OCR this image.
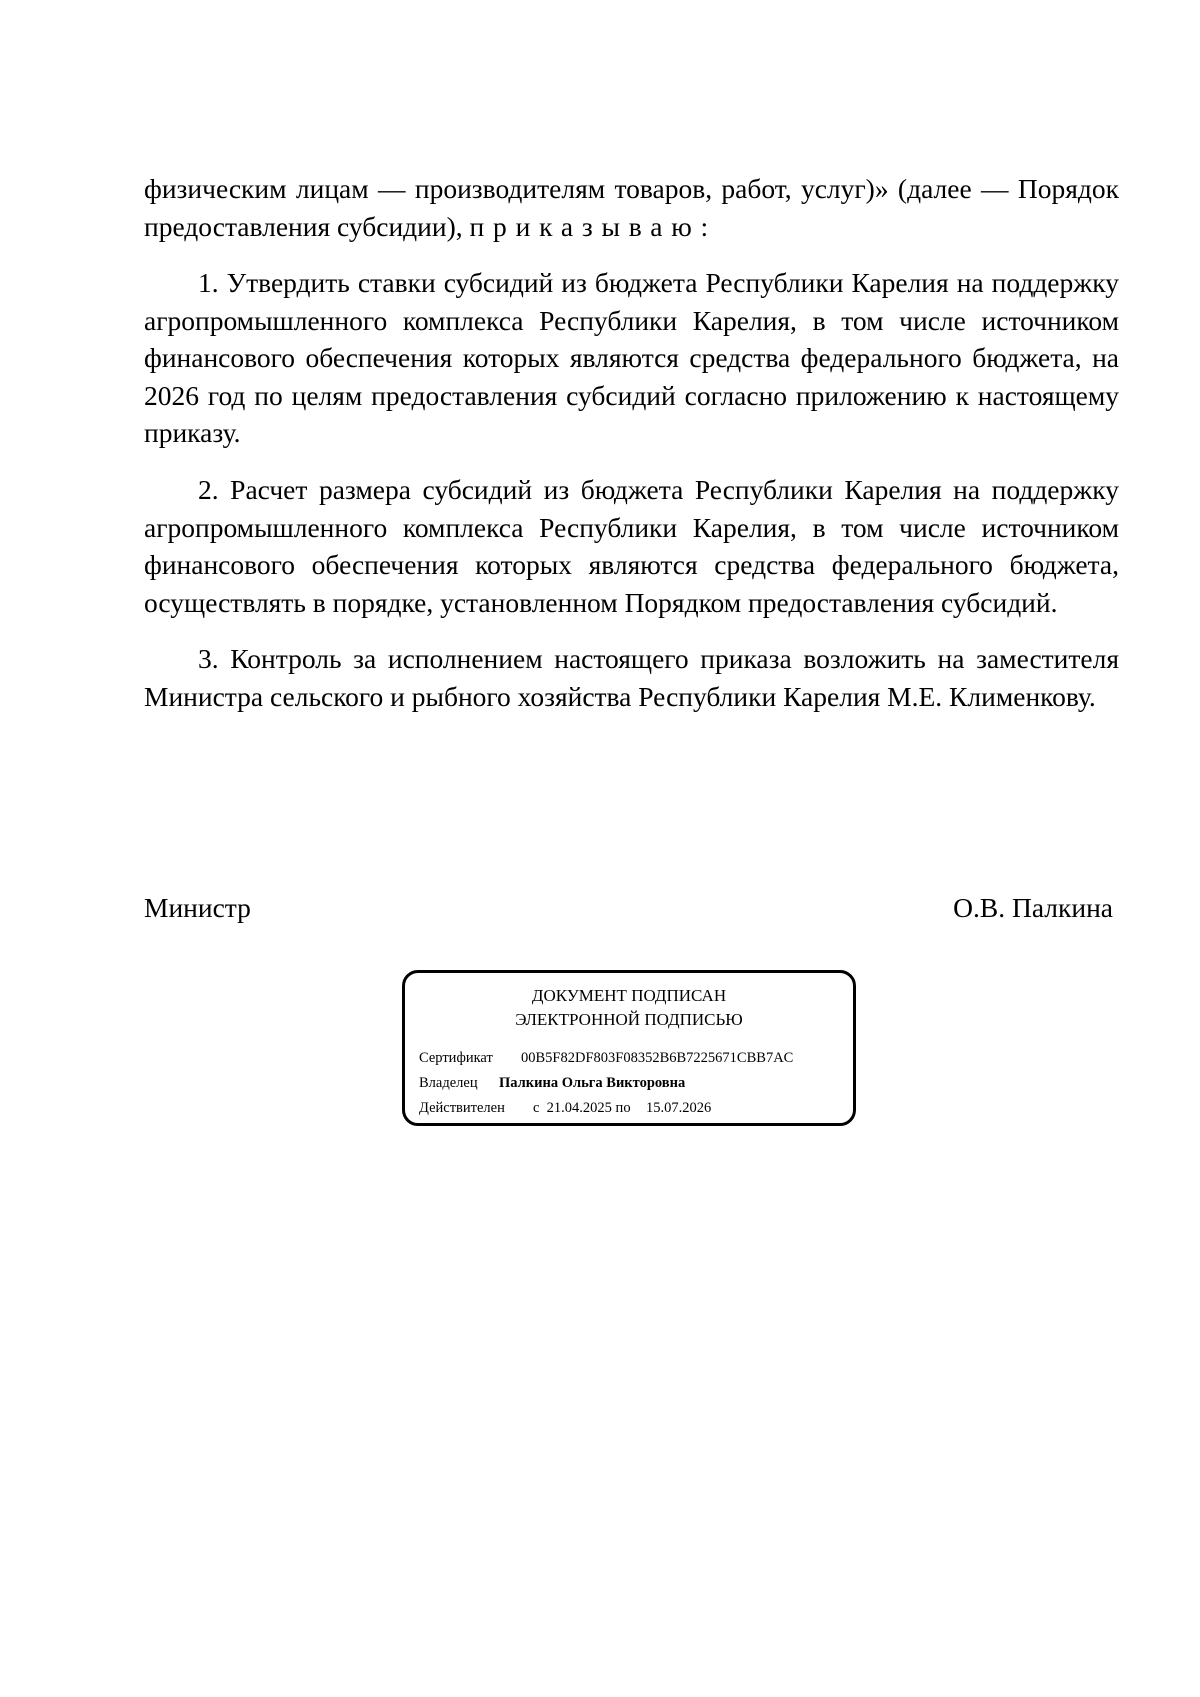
физическим лицам — производителям товаров, работ, услуг)» (далее — Порядок предоставления субсидии), приказываю:

1. Утвердить ставки субсидий из бюджета Республики Карелия на поддержку агропромышленного комплекса Республики Карелия, в том числе источником финансового обеспечения которых являются средства федерального бюджета, на 2026 год по целям предоставления субсидий согласно приложению к настоящему приказу.

2. Расчет размера субсидий из бюджета Республики Карелия на поддержку агропромышленного комплекса Республики Карелия, в том числе источником финансового обеспечения которых являются средства федерального бюджета, осуществлять в порядке, установленном Порядком предоставления субсидий.

3. Контроль за исполнением настоящего приказа возложить на заместителя Министра сельского и рыбного хозяйства Республики Карелия М.Е. Клименкову.

Министр	О.В. Палкина
ДОКУМЕНТ ПОДПИСАН
ЭЛЕКТРОННОЙ ПОДПИСЬЮ
Сертификат 00B5F82DF803F08352B6B7225671CBB7AC
Владелец Палкина Ольга Викторовна
Действителен с  21.04.2025 по 15.07.2026
